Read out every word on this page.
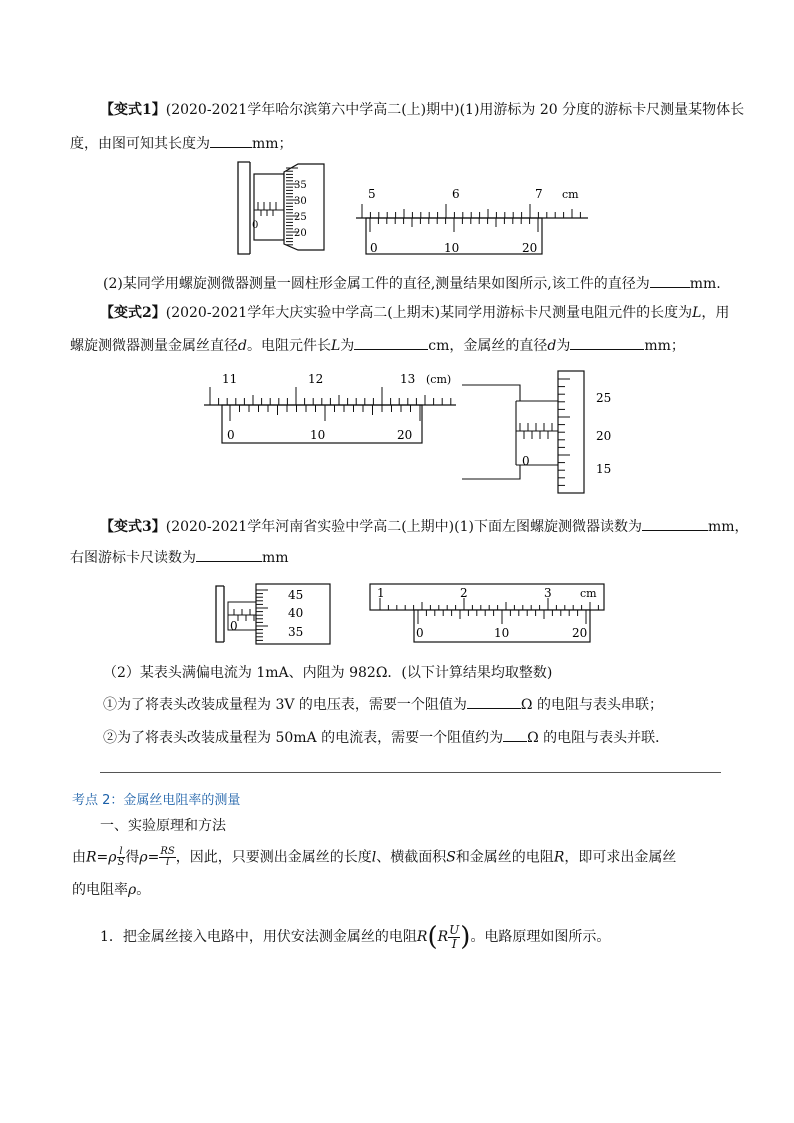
【变式1】(2020-2021学年哈尔滨第六中学高二(上)期中)(1)用游标为 20 分度的游标卡尺测量某物体长
度，由图可知其长度为	mm；
35
30
25
20
0
5	6	7 cm
0	10	20
(2)某同学用螺旋测微器测量一圆柱形金属工件的直径,测量结果如图所示,该工件的直径为	mm.
【变式2】(2020-2021学年大庆实验中学高二(上期末)某同学用游标卡尺测量电阻元件的长度为L，用
螺旋测微器测量金属丝直径d。电阻元件长L为	cm，金属丝的直径d为	mm；
11	12	13 (cm)
0	10	20
25
20
15
0
【变式3】(2020-2021学年河南省实验中学高二(上期中)(1)下面左图螺旋测微器读数为	mm，
右图游标卡尺读数为	mm
45
40
35
0
1	2	3	cm
0	10	20
（2）某表头满偏电流为 1mA、内阻为 982Ω．(以下计算结果均取整数)
①为了将表头改装成量程为 3V 的电压表，需要一个阻值为	Ω 的电阻与表头串联；
②为了将表头改装成量程为 50mA 的电流表，需要一个阻值约为 Ω 的电阻与表头并联．
考点 2：金属丝电阻率的测量
一、实验原理和方法
由$R=\rho \frac{l}{S}$ 得$\rho= \frac{RS}{l}$ ，因此，只要测出金属丝的长度l、横截面积S和金属丝的电阻R，即可求出金属丝
的电阻率ρ。
1．把金属丝接入电路中，用伏安法测金属丝的电阻$R(R \frac{U}{I}$ )。电路原理如图所示。
